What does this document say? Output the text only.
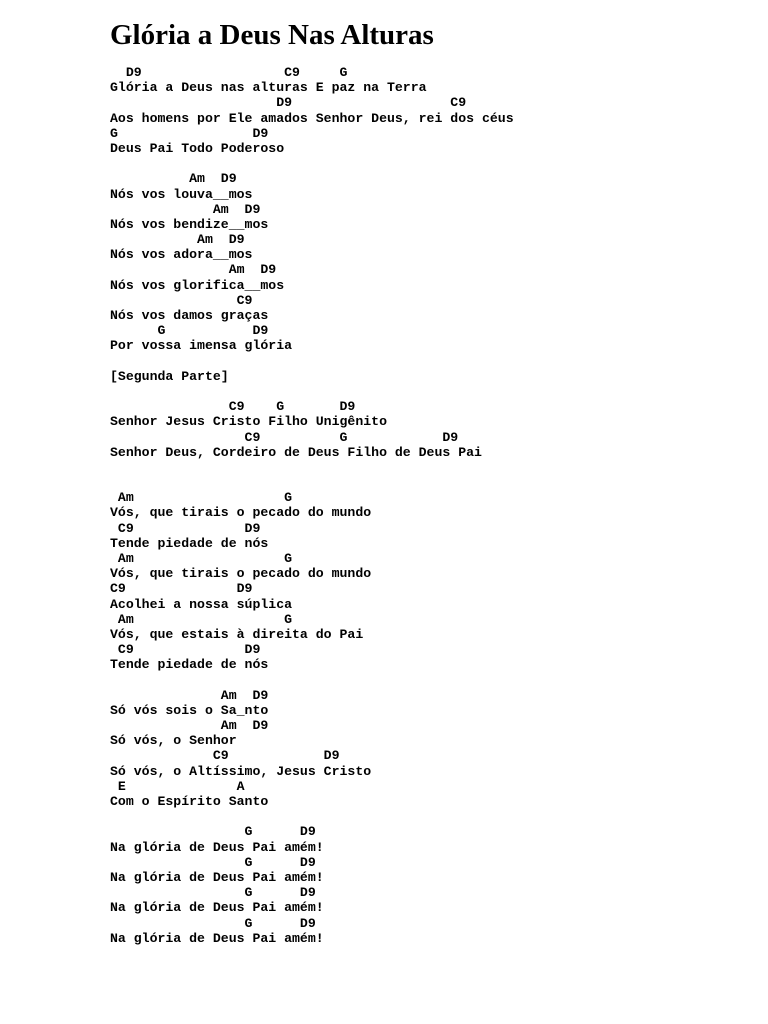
Glória a Deus Nas Alturas
D9                  C9     G
Glória a Deus nas alturas E paz na Terra
D9                    C9
Aos homens por Ele amados Senhor Deus, rei dos céus
G                 D9
Deus Pai Todo Poderoso
Am  D9
Nós vos louva__mos
Am  D9
Nós vos bendize__mos
Am  D9
Nós vos adora__mos
Am  D9
Nós vos glorifica__mos
C9
Nós vos damos graças
G           D9
Por vossa imensa glória
[Segunda Parte]
C9    G       D9
Senhor Jesus Cristo Filho Unigênito
C9          G            D9
Senhor Deus, Cordeiro de Deus Filho de Deus Pai
Am                   G
Vós, que tirais o pecado do mundo
C9              D9
Tende piedade de nós
Am                   G
Vós, que tirais o pecado do mundo
C9              D9
Acolhei a nossa súplica
Am                   G
Vós, que estais à direita do Pai
C9              D9
Tende piedade de nós
Am  D9
Só vós sois o Sa_nto
Am  D9
Só vós, o Senhor
C9            D9
Só vós, o Altíssimo, Jesus Cristo
E              A
Com o Espírito Santo
G      D9
Na glória de Deus Pai amém!
G      D9
Na glória de Deus Pai amém!
G      D9
Na glória de Deus Pai amém!
G      D9
Na glória de Deus Pai amém!
